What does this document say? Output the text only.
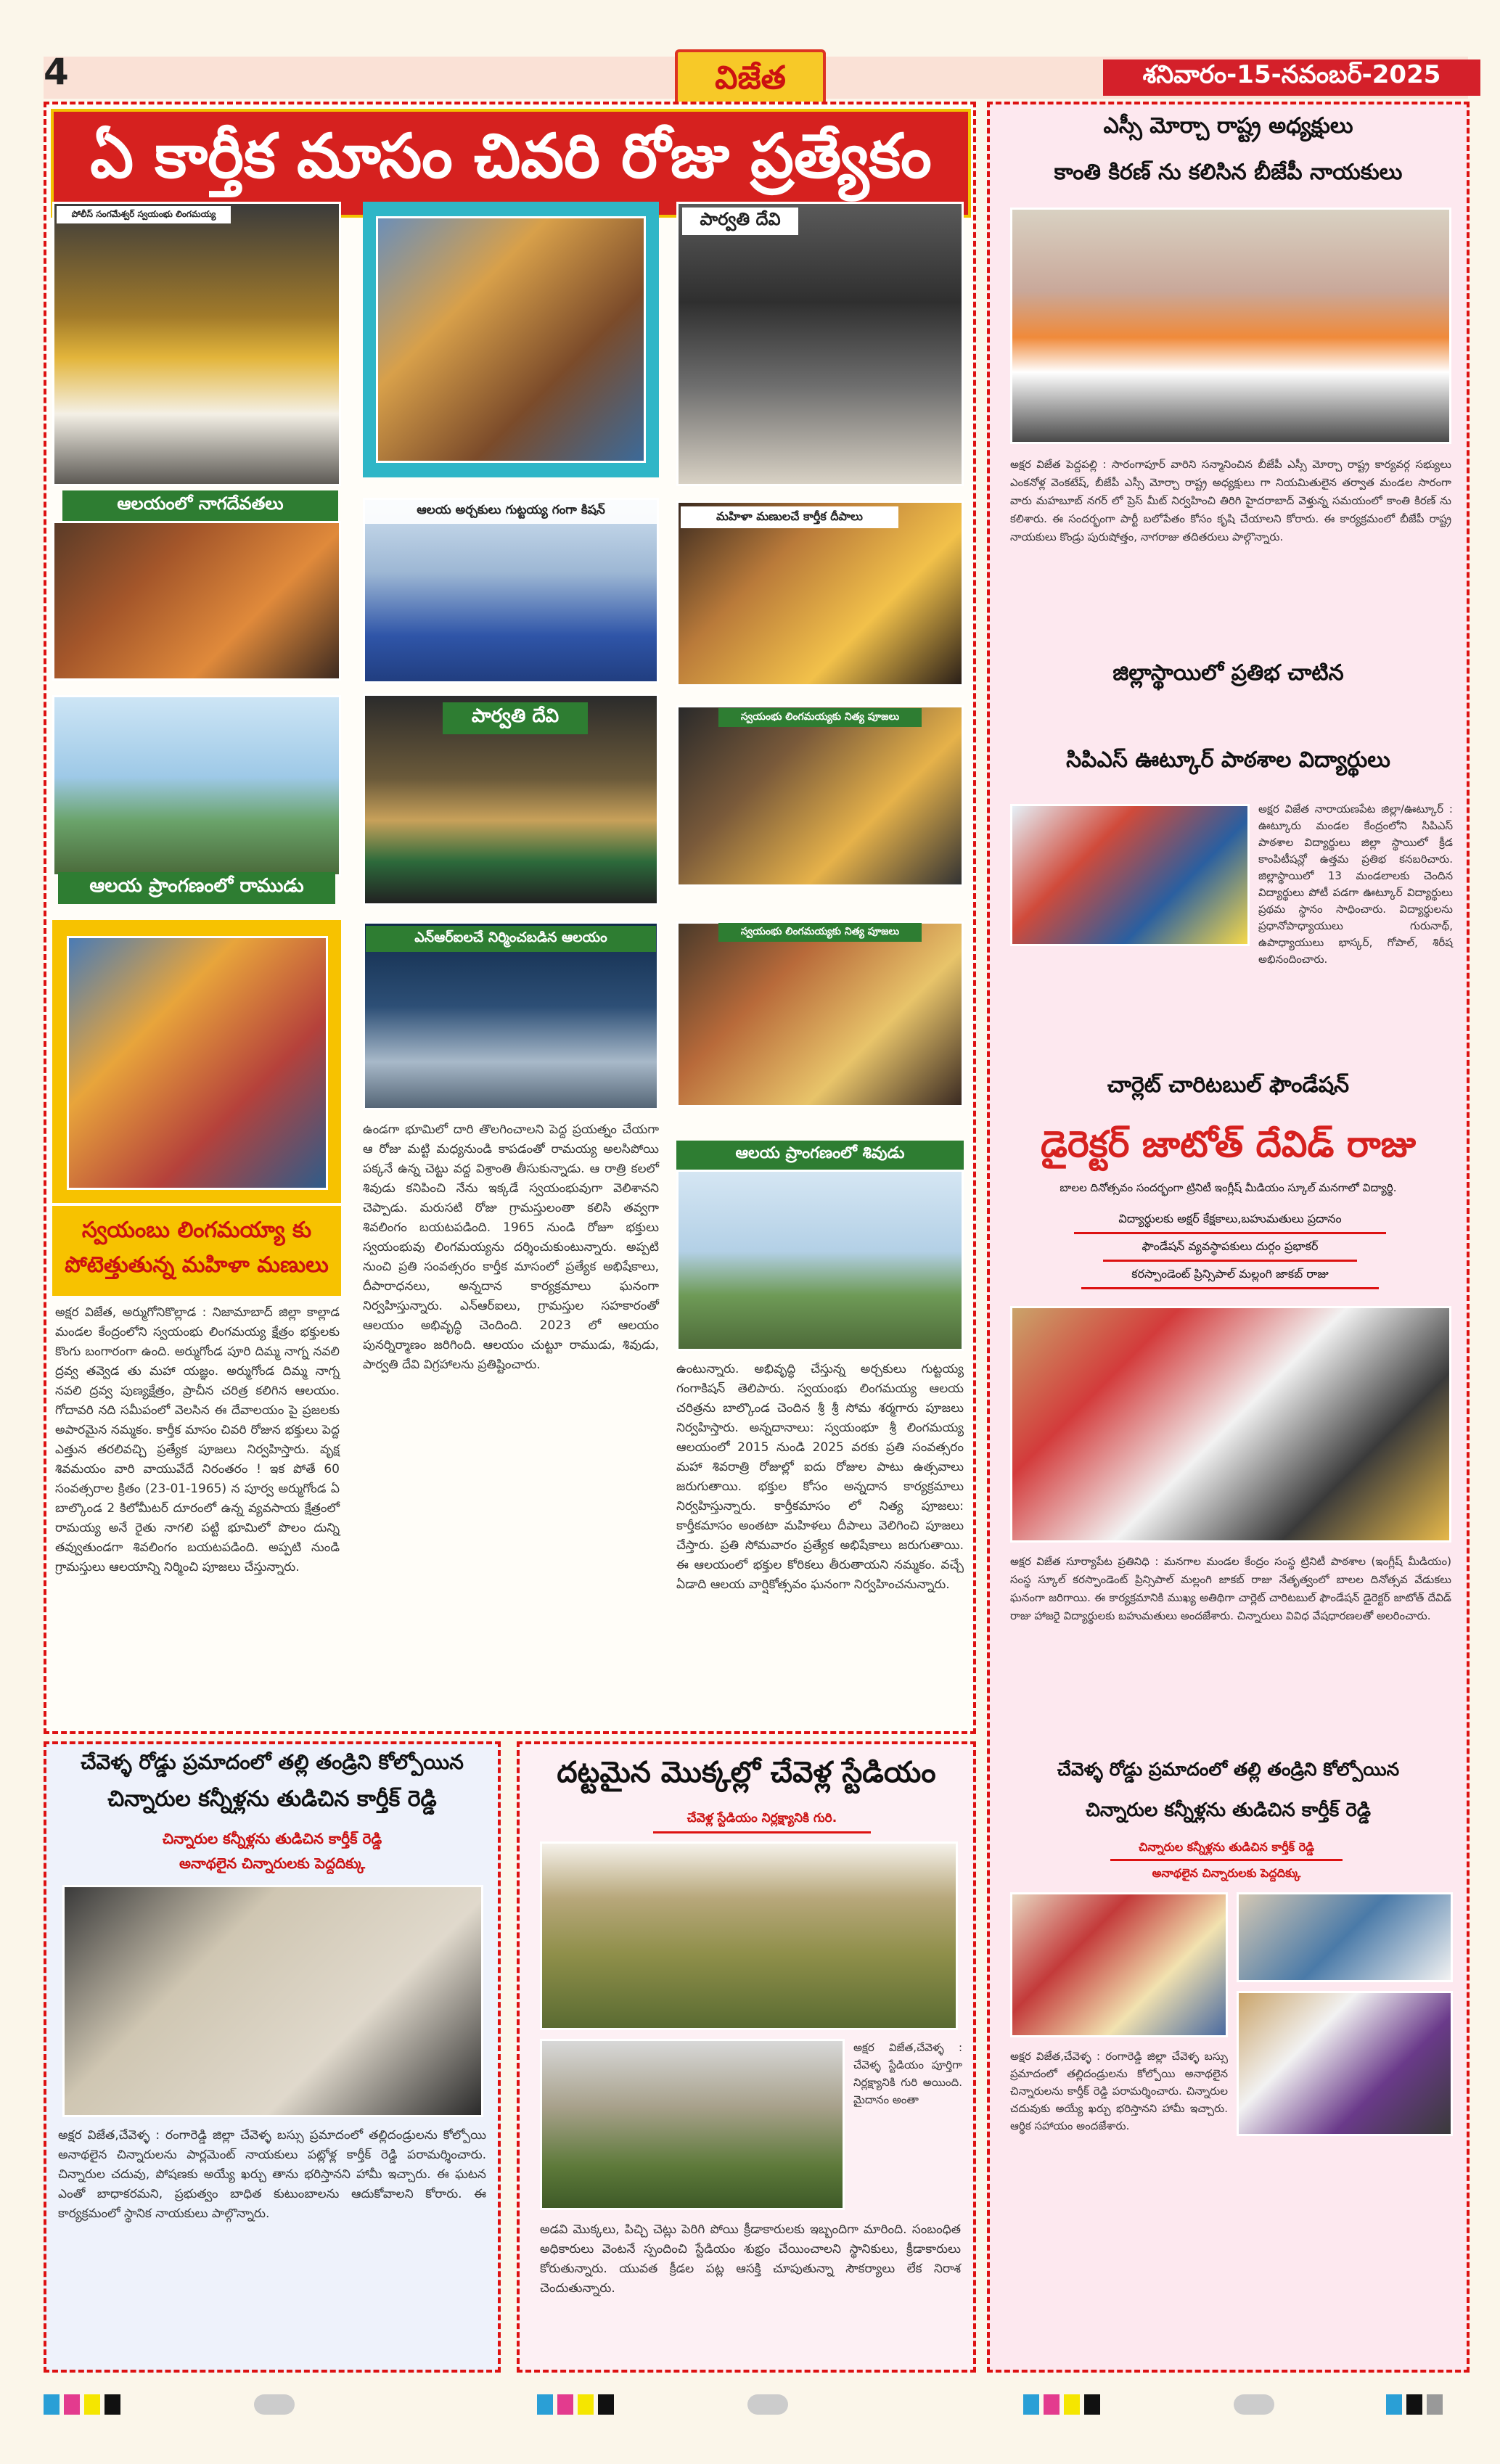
4	విజేత	శనివారం-15-నవంబర్-2025
ఏ కార్తీక మాసం చివరి రోజు ప్రత్యేకం
పోలీస్ సంగమేశ్వర్ స్వయంభు లింగమయ్య
ఆలయంలో నాగదేవతలు
ఆలయ ప్రాంగణంలో రాముడు
స్వయంబు లింగమయ్యా కు పోటెత్తుతున్న మహిళా మణులు
ఆలయ అర్చకులు గుట్టయ్య గంగా కిషన్
పార్వతి దేవి
ఎన్ఆర్ఐలచే నిర్మించబడిన ఆలయం
పార్వతి దేవి
మహిళా మణులచే కార్తీక దీపాలు
స్వయంభు లింగమయ్యకు నిత్య పూజలు
స్వయంభు లింగమయ్యకు నిత్య పూజలు
ఆలయ ప్రాంగణంలో శివుడు
అక్షర విజేత, అర్ముగోనికొల్లాడ : నిజామాబాద్ జిల్లా కాల్లాడ మండల కేంద్రంలోని స్వయంభు లింగమయ్య క్షేత్రం భక్తులకు కొంగు బంగారంగా ఉంది. అర్ముగోండ పూరి దిమ్మ నాగ్న నవలి ద్రవ్వ తవ్వెడ తు మహా యజ్ఞం. అర్ముగోండ దిమ్మ నాగ్న నవలి ద్రవ్వ పుణ్యక్షేత్రం, ప్రాచీన చరిత్ర కలిగిన ఆలయం. గోదావరి నది సమీపంలో వెలసిన ఈ దేవాలయం పై ప్రజలకు అపారమైన నమ్మకం. కార్తీక మాసం చివరి రోజున భక్తులు పెద్ద ఎత్తున తరలివచ్చి ప్రత్యేక పూజలు నిర్వహిస్తారు. వృక్ష శివమయం వారి వాయువేదే నిరంతరం ! ఇక పోతే 60 సంవత్సరాల క్రితం (23-01-1965) న పూర్వ అర్ముగోండ ఏ బాల్కొండ 2 కిలోమీటర్ దూరంలో ఉన్న వ్యవసాయ క్షేత్రంలో రామయ్య అనే రైతు నాగలి పట్టి భూమిలో పొలం దున్ని తవ్వుతుండగా శివలింగం బయటపడింది. అప్పటి నుండి గ్రామస్తులు ఆలయాన్ని నిర్మించి పూజలు చేస్తున్నారు.
ఉండగా భూమిలో దారి తొలగించాలని పెద్ద ప్రయత్నం చేయగా ఆ రోజు మట్టి మధ్యనుండి కాపడంతో రామయ్య అలసిపోయి పక్కనే ఉన్న చెట్టు వద్ద విశ్రాంతి తీసుకున్నాడు. ఆ రాత్రి కలలో శివుడు కనిపించి నేను ఇక్కడే స్వయంభువుగా వెలిశానని చెప్పాడు. మరుసటి రోజు గ్రామస్తులంతా కలిసి తవ్వగా శివలింగం బయటపడింది. 1965 నుండి రోజూ భక్తులు స్వయంభువు లింగమయ్యను దర్శించుకుంటున్నారు. అప్పటి నుంచి ప్రతి సంవత్సరం కార్తీక మాసంలో ప్రత్యేక అభిషేకాలు, దీపారాధనలు, అన్నదాన కార్యక్రమాలు ఘనంగా నిర్వహిస్తున్నారు. ఎన్ఆర్ఐలు, గ్రామస్తుల సహకారంతో ఆలయం అభివృద్ధి చెందింది. 2023 లో ఆలయం పునర్నిర్మాణం జరిగింది. ఆలయం చుట్టూ రాముడు, శివుడు, పార్వతి దేవి విగ్రహాలను ప్రతిష్టించారు.	ఉంటున్నారు. అభివృద్ధి చేస్తున్న అర్చకులు గుట్టయ్య గంగాకిషన్ తెలిపారు. స్వయంభు లింగమయ్య ఆలయ చరిత్రను బాల్కొండ చెందిన శ్రీ శ్రీ సోమ శర్మగారు పూజలు నిర్వహిస్తారు. అన్నదానాలు: స్వయంభూ శ్రీ లింగమయ్య ఆలయంలో 2015 నుండి 2025 వరకు ప్రతి సంవత్సరం మహా శివరాత్రి రోజుల్లో ఐదు రోజుల పాటు ఉత్సవాలు జరుగుతాయి. భక్తుల కోసం అన్నదాన కార్యక్రమాలు నిర్వహిస్తున్నారు. కార్తీకమాసం లో నిత్య పూజలు: కార్తీకమాసం అంతటా మహిళలు దీపాలు వెలిగించి పూజలు చేస్తారు. ప్రతి సోమవారం ప్రత్యేక అభిషేకాలు జరుగుతాయి. ఈ ఆలయంలో భక్తుల కోరికలు తీరుతాయని నమ్మకం. వచ్చే ఏడాది ఆలయ వార్షికోత్సవం ఘనంగా నిర్వహించనున్నారు.
చేవెళ్ళ రోడ్డు ప్రమాదంలో తల్లి తండ్రిని కోల్పోయిన
చిన్నారుల కన్నీళ్లను తుడిచిన కార్తీక్ రెడ్డి
చిన్నారుల కన్నీళ్లను తుడిచిన కార్తీక్ రెడ్డి
అనాథలైన చిన్నారులకు పెద్దదిక్కు
అక్షర విజేత,చేవెళ్ళ : రంగారెడ్డి జిల్లా చేవెళ్ళ బస్సు ప్రమాదంలో తల్లిదండ్రులను కోల్పోయి అనాథలైన చిన్నారులను పార్లమెంట్ నాయకులు పట్లోళ్ల కార్తీక్ రెడ్డి పరామర్శించారు. చిన్నారుల చదువు, పోషణకు అయ్యే ఖర్చు తాను భరిస్తానని హామీ ఇచ్చారు. ఈ ఘటన ఎంతో బాధాకరమని, ప్రభుత్వం బాధిత కుటుంబాలను ఆదుకోవాలని కోరారు. ఈ కార్యక్రమంలో స్థానిక నాయకులు పాల్గొన్నారు.
దట్టమైన మొక్కల్లో చేవెళ్ల స్టేడియం
చేవెళ్ల స్టేడియం నిర్లక్ష్యానికి గురి.
అక్షర విజేత,చేవెళ్ళ : చేవెళ్ళ స్టేడియం పూర్తిగా నిర్లక్ష్యానికి గురి అయింది. మైదానం అంతా
అడవి మొక్కలు, పిచ్చి చెట్లు పెరిగి పోయి క్రీడాకారులకు ఇబ్బందిగా మారింది. సంబంధిత అధికారులు వెంటనే స్పందించి స్టేడియం శుభ్రం చేయించాలని స్థానికులు, క్రీడాకారులు కోరుతున్నారు. యువత క్రీడల పట్ల ఆసక్తి చూపుతున్నా సౌకర్యాలు లేక నిరాశ చెందుతున్నారు.
ఎస్సీ మోర్చా రాష్ట్ర అధ్యక్షులు
కాంతి కిరణ్ ను కలిసిన బీజేపీ నాయకులు
అక్షర విజేత పెద్దపల్లి : సారంగాపూర్ వారిని సన్మానించిన బీజేపీ ఎస్సీ మోర్చా రాష్ట్ర కార్యవర్గ సభ్యులు ఎంకనోళ్ల వెంకటేష్, బీజేపీ ఎస్సీ మోర్చా రాష్ట్ర అధ్యక్షులు గా నియమితులైన తర్వాత మండల సారంగా వారు మహబూబ్ నగర్ లో ప్రెస్ మీట్ నిర్వహించి తిరిగి హైదరాబాద్ వెళ్తున్న సమయంలో కాంతి కిరణ్ ను కలిశారు. ఈ సందర్భంగా పార్టీ బలోపేతం కోసం కృషి చేయాలని కోరారు. ఈ కార్యక్రమంలో బీజేపీ రాష్ట్ర నాయకులు కొండ్రు పురుషోత్తం, నాగరాజు తదితరులు పాల్గొన్నారు.
జిల్లాస్థాయిలో ప్రతిభ చాటిన
సిపిఎస్ ఊట్కూర్ పాఠశాల విద్యార్థులు
అక్షర విజేత నారాయణపేట జిల్లా/ఊట్కూర్ : ఊట్కూరు మండల కేంద్రంలోని సిపిఎస్ పాఠశాల విద్యార్థులు జిల్లా స్థాయిలో క్రీడ కాంపిటీషన్లో ఉత్తమ ప్రతిభ కనబరిచారు. జిల్లాస్థాయిలో 13 మండలాలకు చెందిన విద్యార్థులు పోటీ పడగా ఊట్కూర్ విద్యార్థులు ప్రథమ స్థానం సాధించారు. విద్యార్థులను ప్రధానోపాధ్యాయులు గురునాథ్, ఉపాధ్యాయులు భాస్కర్, గోపాల్, శిరీష అభినందించారు.
చార్లెట్ చారిటబుల్ ఫౌండేషన్
డైరెక్టర్ జాటోత్ దేవిడ్ రాజు
బాలల దినోత్సవం సందర్భంగా ట్రినిటీ ఇంగ్లీష్ మీడియం స్కూల్ మనగాలో విద్యార్థి.
విద్యార్థులకు అక్షర్ కేక్షకాలు,బహుమతులు ప్రదానం
ఫౌండేషన్ వ్యవస్థాపకులు దుర్గం ప్రభాకర్
కరస్పాండెంట్ ప్రిన్సిపాల్ మల్లంగి జాకబ్ రాజు
అక్షర విజేత సూర్యాపేట ప్రతినిధి : మనగాల మండల కేంద్రం సంస్థ ట్రినిటీ పాఠశాల (ఇంగ్లీష్ మీడియం) సంస్థ స్కూల్ కరస్పాండెంట్ ప్రిన్సిపాల్ మల్లంగి జాకబ్ రాజు నేతృత్వంలో బాలల దినోత్సవ వేడుకలు ఘనంగా జరిగాయి. ఈ కార్యక్రమానికి ముఖ్య అతిథిగా చార్లెట్ చారిటబుల్ ఫౌండేషన్ డైరెక్టర్ జాటోత్ దేవిడ్ రాజు హాజరై విద్యార్థులకు బహుమతులు అందజేశారు. చిన్నారులు వివిధ వేషధారణలతో అలరించారు.
చేవెళ్ళ రోడ్డు ప్రమాదంలో తల్లి తండ్రిని కోల్పోయిన
చిన్నారుల కన్నీళ్లను తుడిచిన కార్తీక్ రెడ్డి
చిన్నారుల కన్నీళ్లను తుడిచిన కార్తీక్ రెడ్డి
అనాథలైన చిన్నారులకు పెద్దదిక్కు
అక్షర విజేత,చేవెళ్ళ : రంగారెడ్డి జిల్లా చేవెళ్ళ బస్సు ప్రమాదంలో తల్లిదండ్రులను కోల్పోయి అనాథలైన చిన్నారులను కార్తీక్ రెడ్డి పరామర్శించారు. చిన్నారుల చదువుకు అయ్యే ఖర్చు భరిస్తానని హామీ ఇచ్చారు. ఆర్థిక సహాయం అందజేశారు.
